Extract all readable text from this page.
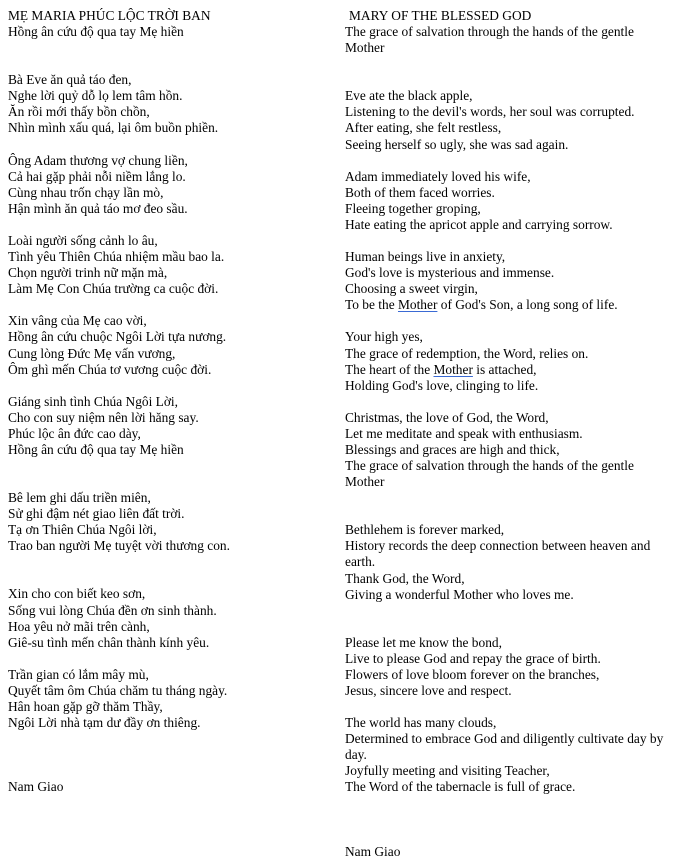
MẸ MARIA PHÚC LỘC TRỜI BAN
Hồng ân cứu độ qua tay Mẹ hiền
Bà Eve ăn quả táo đen,
Nghe lời quỷ dỗ lọ lem tâm hồn.
Ăn rồi mới thấy bồn chồn,
Nhìn mình xấu quá, lại ôm buồn phiền.
Ông Adam thương vợ chung liền,
Cả hai gặp phải nỗi niềm lắng lo.
Cùng nhau trốn chạy lần mò,
Hận mình ăn quả táo mơ đeo sầu.
Loài người sống cảnh lo âu,
Tình yêu Thiên Chúa nhiệm mầu bao la.
Chọn người trinh nữ mặn mà,
Làm Mẹ Con Chúa trường ca cuộc đời.
Xin vâng của Mẹ cao vời,
Hồng ân cứu chuộc Ngôi Lời tựa nương.
Cung lòng Đức Mẹ vấn vương,
Ôm ghì mến Chúa tơ vương cuộc đời.
Giáng sinh tình Chúa Ngôi Lời,
Cho con suy niệm nên lời hăng say.
Phúc lộc ân đức cao dày,
Hồng ân cứu độ qua tay Mẹ hiền
Bê lem ghi dấu triền miên,
Sử ghi đậm nét giao liên đất trời.
Tạ ơn Thiên Chúa Ngôi lời,
Trao ban người Mẹ tuyệt vời thương con.
Xin cho con biết keo sơn,
Sống vui lòng Chúa đền ơn sinh thành.
Hoa yêu nở mãi trên cành,
Giê-su tình mến chân thành kính yêu.
Trần gian có lắm mây mù,
Quyết tâm ôm Chúa chăm tu tháng ngày.
Hân hoan gặp gỡ thăm Thầy,
Ngôi Lời nhà tạm dư đầy ơn thiêng.
Nam Giao
MARY OF THE BLESSED GOD
The grace of salvation through the hands of the gentle Mother
Eve ate the black apple,
Listening to the devil's words, her soul was corrupted.
After eating, she felt restless,
Seeing herself so ugly, she was sad again.
Adam immediately loved his wife,
Both of them faced worries.
Fleeing together groping,
Hate eating the apricot apple and carrying sorrow.
Human beings live in anxiety,
God's love is mysterious and immense.
Choosing a sweet virgin,
To be the Mother of God's Son, a long song of life.
Your high yes,
The grace of redemption, the Word, relies on.
The heart of the Mother is attached,
Holding God's love, clinging to life.
Christmas, the love of God, the Word,
Let me meditate and speak with enthusiasm.
Blessings and graces are high and thick,
The grace of salvation through the hands of the gentle Mother
Bethlehem is forever marked,
History records the deep connection between heaven and earth.
Thank God, the Word,
Giving a wonderful Mother who loves me.
Please let me know the bond,
Live to please God and repay the grace of birth.
Flowers of love bloom forever on the branches,
Jesus, sincere love and respect.
The world has many clouds,
Determined to embrace God and diligently cultivate day by day.
Joyfully meeting and visiting Teacher,
The Word of the tabernacle is full of grace.
Nam Giao
